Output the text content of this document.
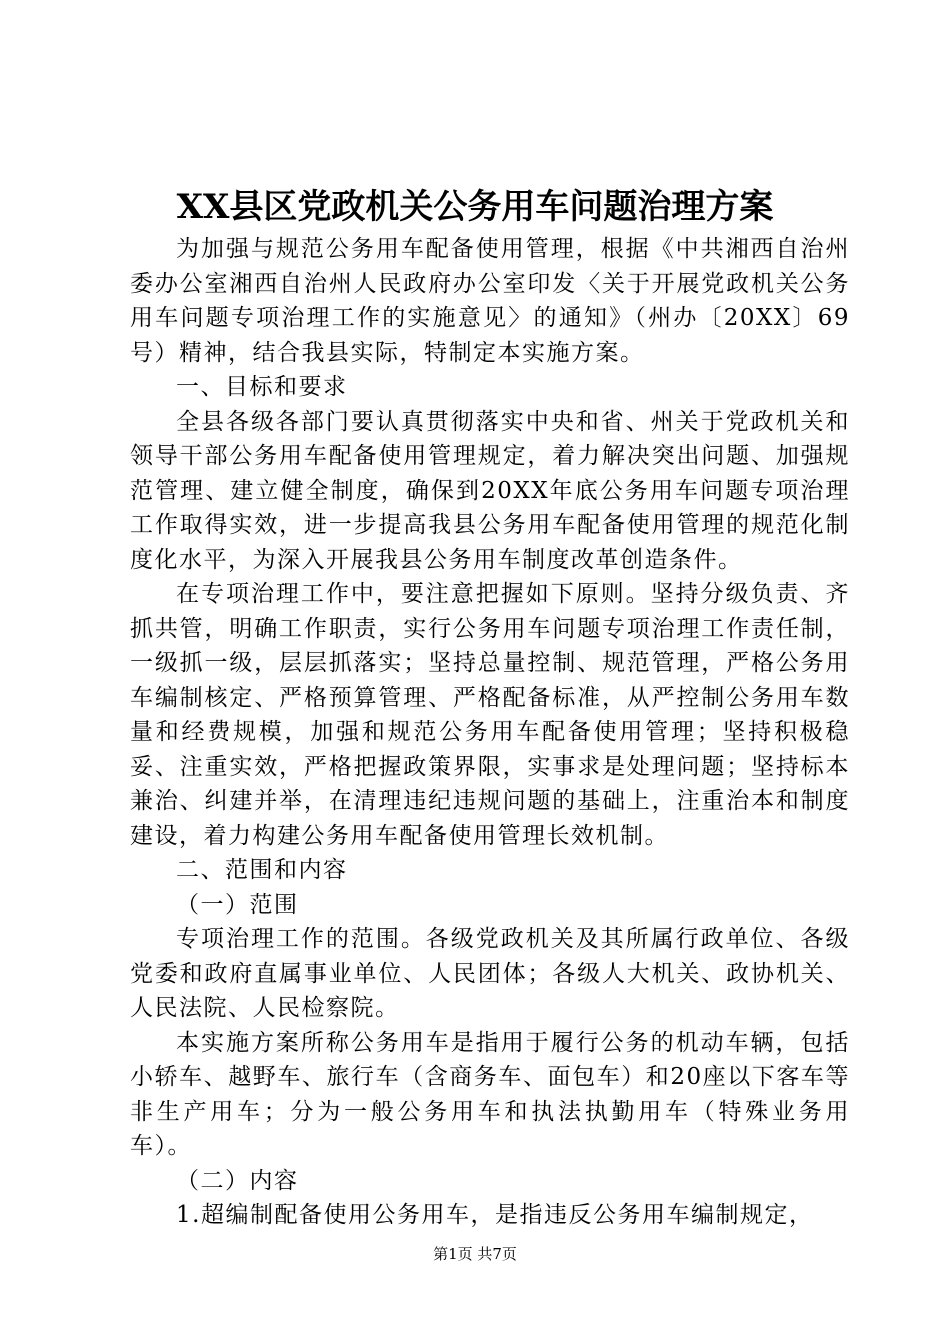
XX县区党政机关公务用车问题治理方案

为加强与规范公务用车配备使用管理，根据《中共湘西自治州委办公室湘西自治州人民政府办公室印发〈关于开展党政机关公务用车问题专项治理工作的实施意见〉的通知》（州办〔20XX〕69号）精神，结合我县实际，特制定本实施方案。

一、目标和要求

全县各级各部门要认真贯彻落实中央和省、州关于党政机关和领导干部公务用车配备使用管理规定，着力解决突出问题、加强规范管理、建立健全制度，确保到20XX年底公务用车问题专项治理工作取得实效，进一步提高我县公务用车配备使用管理的规范化制度化水平，为深入开展我县公务用车制度改革创造条件。

在专项治理工作中，要注意把握如下原则。坚持分级负责、齐抓共管，明确工作职责，实行公务用车问题专项治理工作责任制，一级抓一级，层层抓落实；坚持总量控制、规范管理，严格公务用车编制核定、严格预算管理、严格配备标准，从严控制公务用车数量和经费规模，加强和规范公务用车配备使用管理；坚持积极稳妥、注重实效，严格把握政策界限，实事求是处理问题；坚持标本兼治、纠建并举，在清理违纪违规问题的基础上，注重治本和制度建设，着力构建公务用车配备使用管理长效机制。

二、范围和内容

（一）范围

专项治理工作的范围。各级党政机关及其所属行政单位、各级党委和政府直属事业单位、人民团体；各级人大机关、政协机关、人民法院、人民检察院。

本实施方案所称公务用车是指用于履行公务的机动车辆，包括小轿车、越野车、旅行车（含商务车、面包车）和20座以下客车等非生产用车；分为一般公务用车和执法执勤用车（特殊业务用车）。

（二）内容

1.超编制配备使用公务用车，是指违反公务用车编制规定，

第1页 共7页
